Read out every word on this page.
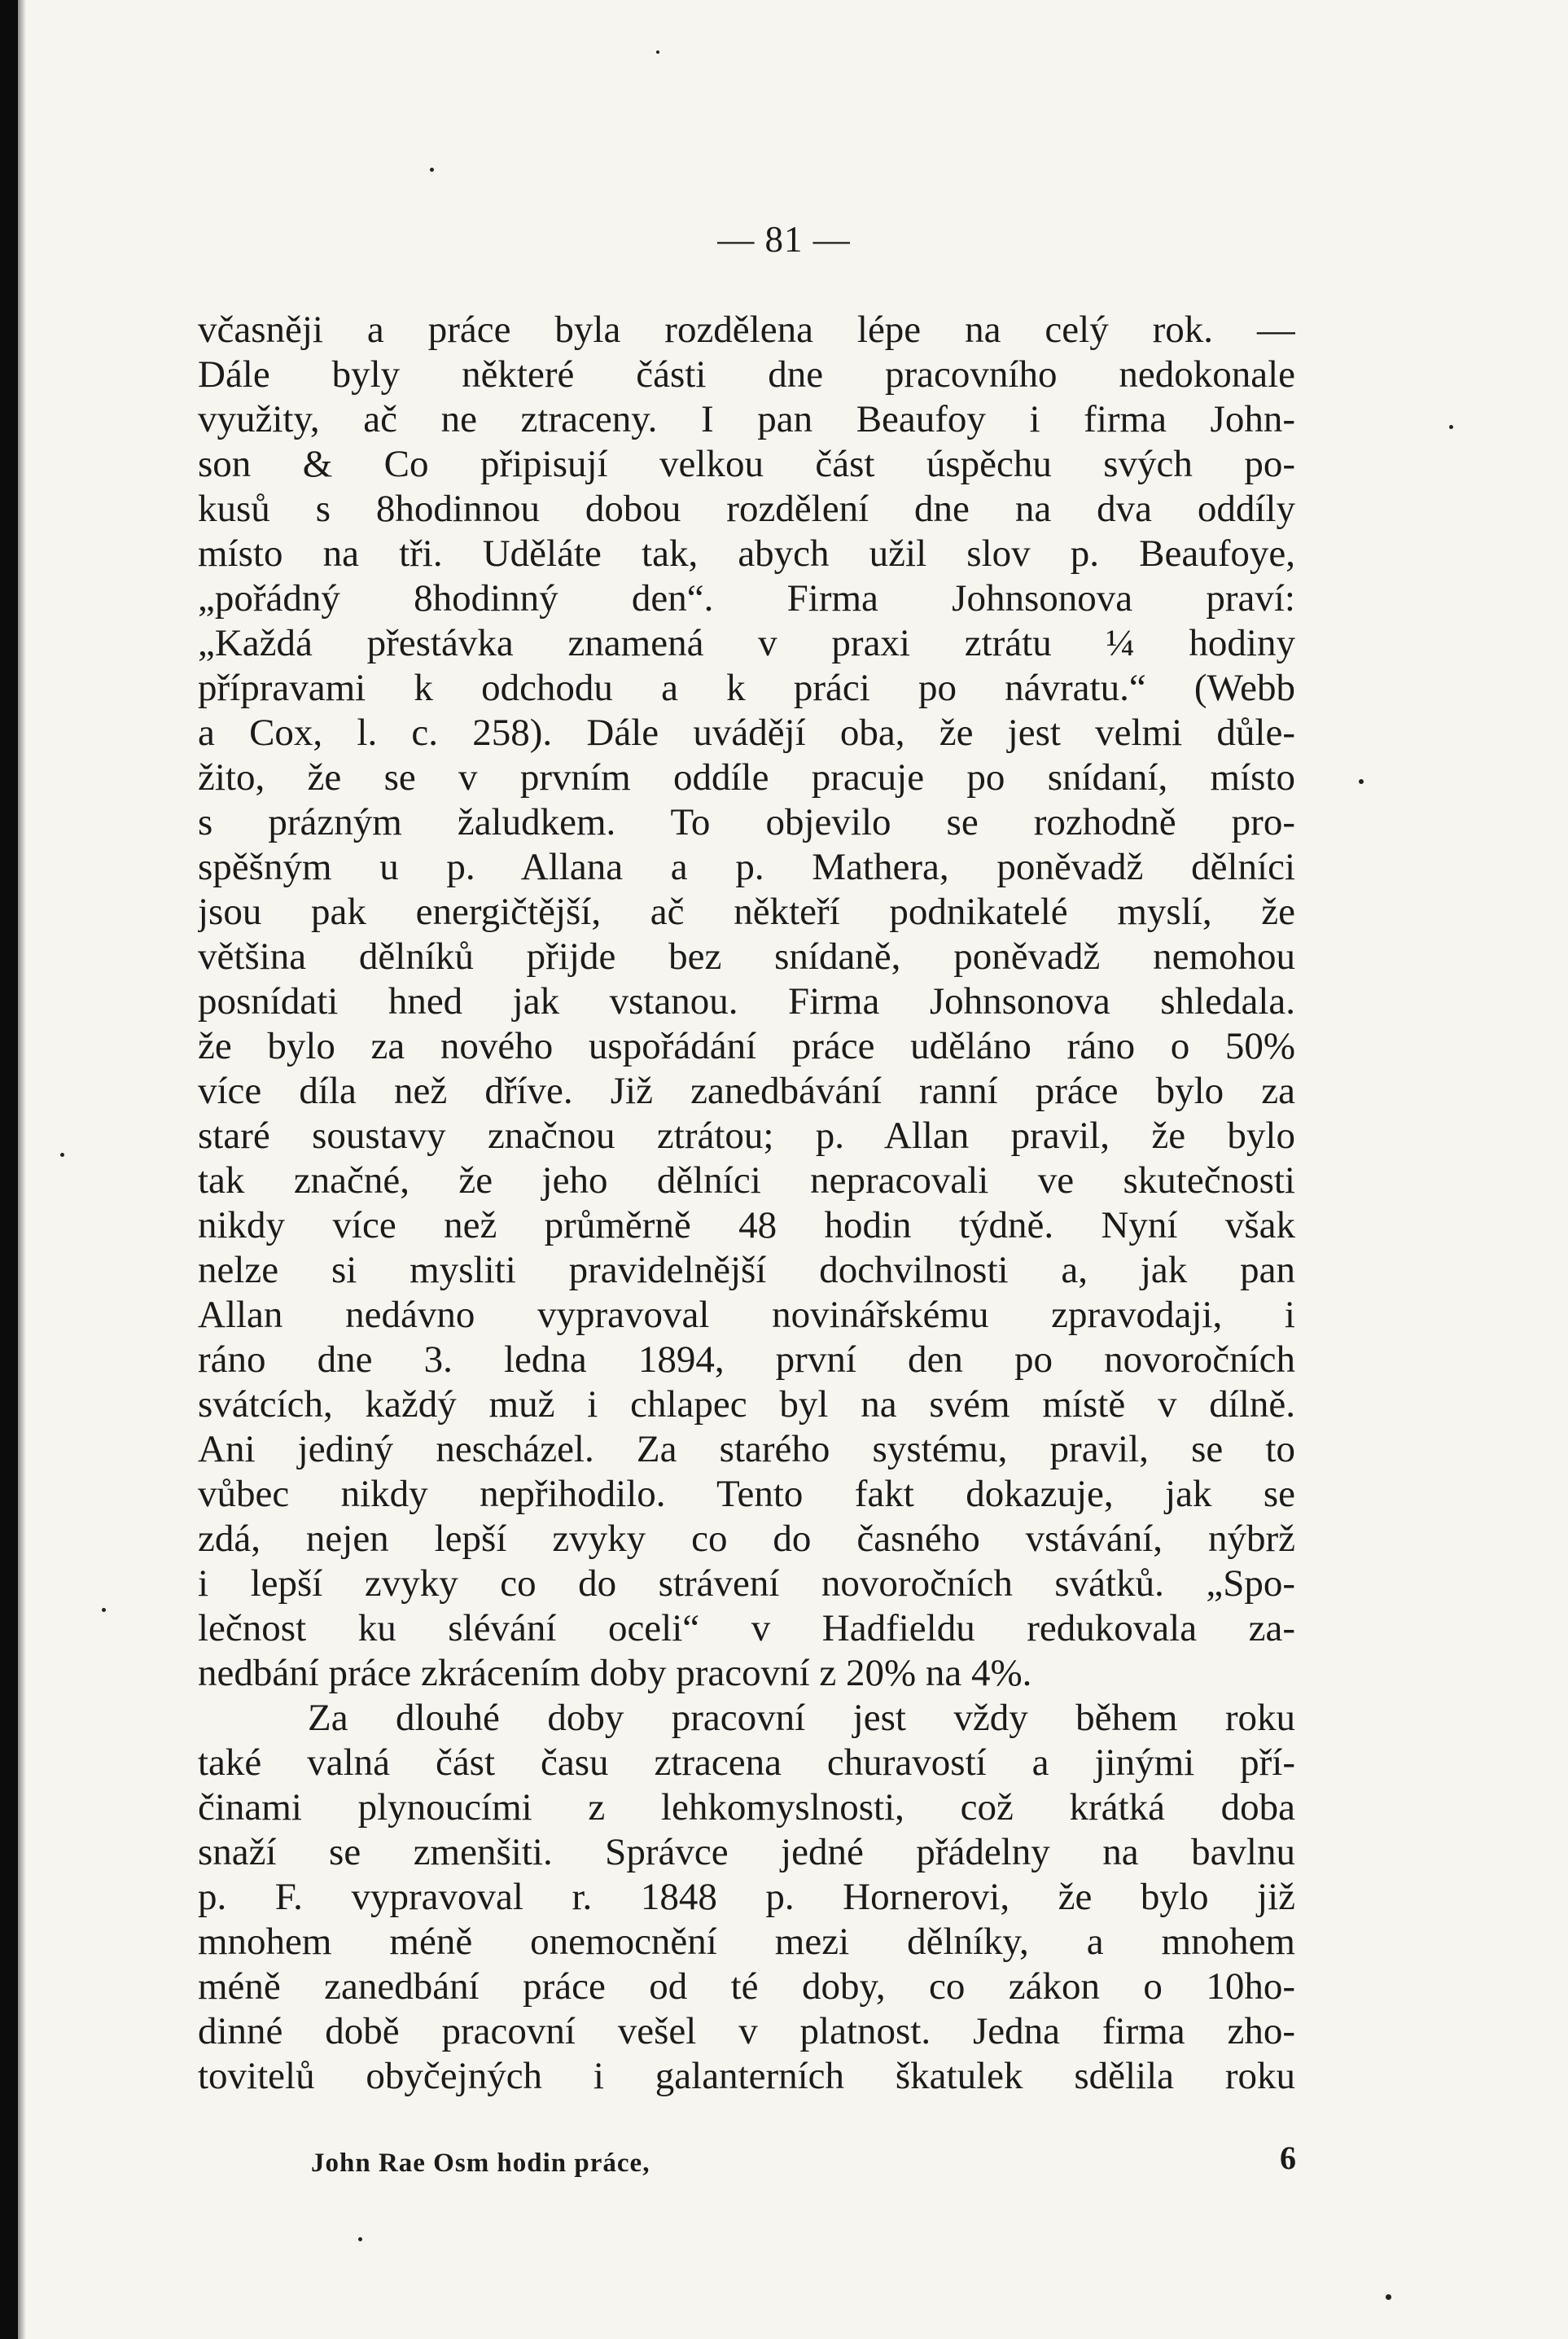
— 81 —
včasněji a práce byla rozdělena lépe na celý rok. —
Dále byly některé části dne pracovního nedokonale
využity, ač ne ztraceny. I pan Beaufoy i firma John-
son & Co připisují velkou část úspěchu svých po-
kusů s 8hodinnou dobou rozdělení dne na dva oddíly
místo na tři. Uděláte tak, abych užil slov p. Beaufoye,
„pořádný 8hodinný den“. Firma Johnsonova praví:
„Každá přestávka znamená v praxi ztrátu ¼ hodiny
přípravami k odchodu a k práci po návratu.“ (Webb
a Cox, l. c. 258). Dále uvádějí oba, že jest velmi důle-
žito, že se v prvním oddíle pracuje po snídaní, místo
s prázným žaludkem. To objevilo se rozhodně pro-
spěšným u p. Allana a p. Mathera, poněvadž dělníci
jsou pak energičtější, ač někteří podnikatelé myslí, že
většina dělníků přijde bez snídaně, poněvadž nemohou
posnídati hned jak vstanou. Firma Johnsonova shledala.
že bylo za nového uspořádání práce uděláno ráno o 50%
více díla než dříve. Již zanedbávání ranní práce bylo za
staré soustavy značnou ztrátou; p. Allan pravil, že bylo
tak značné, že jeho dělníci nepracovali ve skutečnosti
nikdy více než průměrně 48 hodin týdně. Nyní však
nelze si mysliti pravidelnější dochvilnosti a, jak pan
Allan nedávno vypravoval novinářskému zpravodaji, i
ráno dne 3. ledna 1894, první den po novoročních
svátcích, každý muž i chlapec byl na svém místě v dílně.
Ani jediný nescházel. Za starého systému, pravil, se to
vůbec nikdy nepřihodilo. Tento fakt dokazuje, jak se
zdá, nejen lepší zvyky co do časného vstávání, nýbrž
i lepší zvyky co do strávení novoročních svátků. „Spo-
lečnost ku slévání oceli“ v Hadfieldu redukovala za-
nedbání práce zkrácením doby pracovní z 20% na 4%.
Za dlouhé doby pracovní jest vždy během roku
také valná část času ztracena churavostí a jinými pří-
činami plynoucími z lehkomyslnosti, což krátká doba
snaží se zmenšiti. Správce jedné přádelny na bavlnu
p. F. vypravoval r. 1848 p. Hornerovi, že bylo již
mnohem méně onemocnění mezi dělníky, a mnohem
méně zanedbání práce od té doby, co zákon o 10ho-
dinné době pracovní vešel v platnost. Jedna firma zho-
tovitelů obyčejných i galanterních škatulek sdělila roku
John Rae Osm hodin práce,	6
